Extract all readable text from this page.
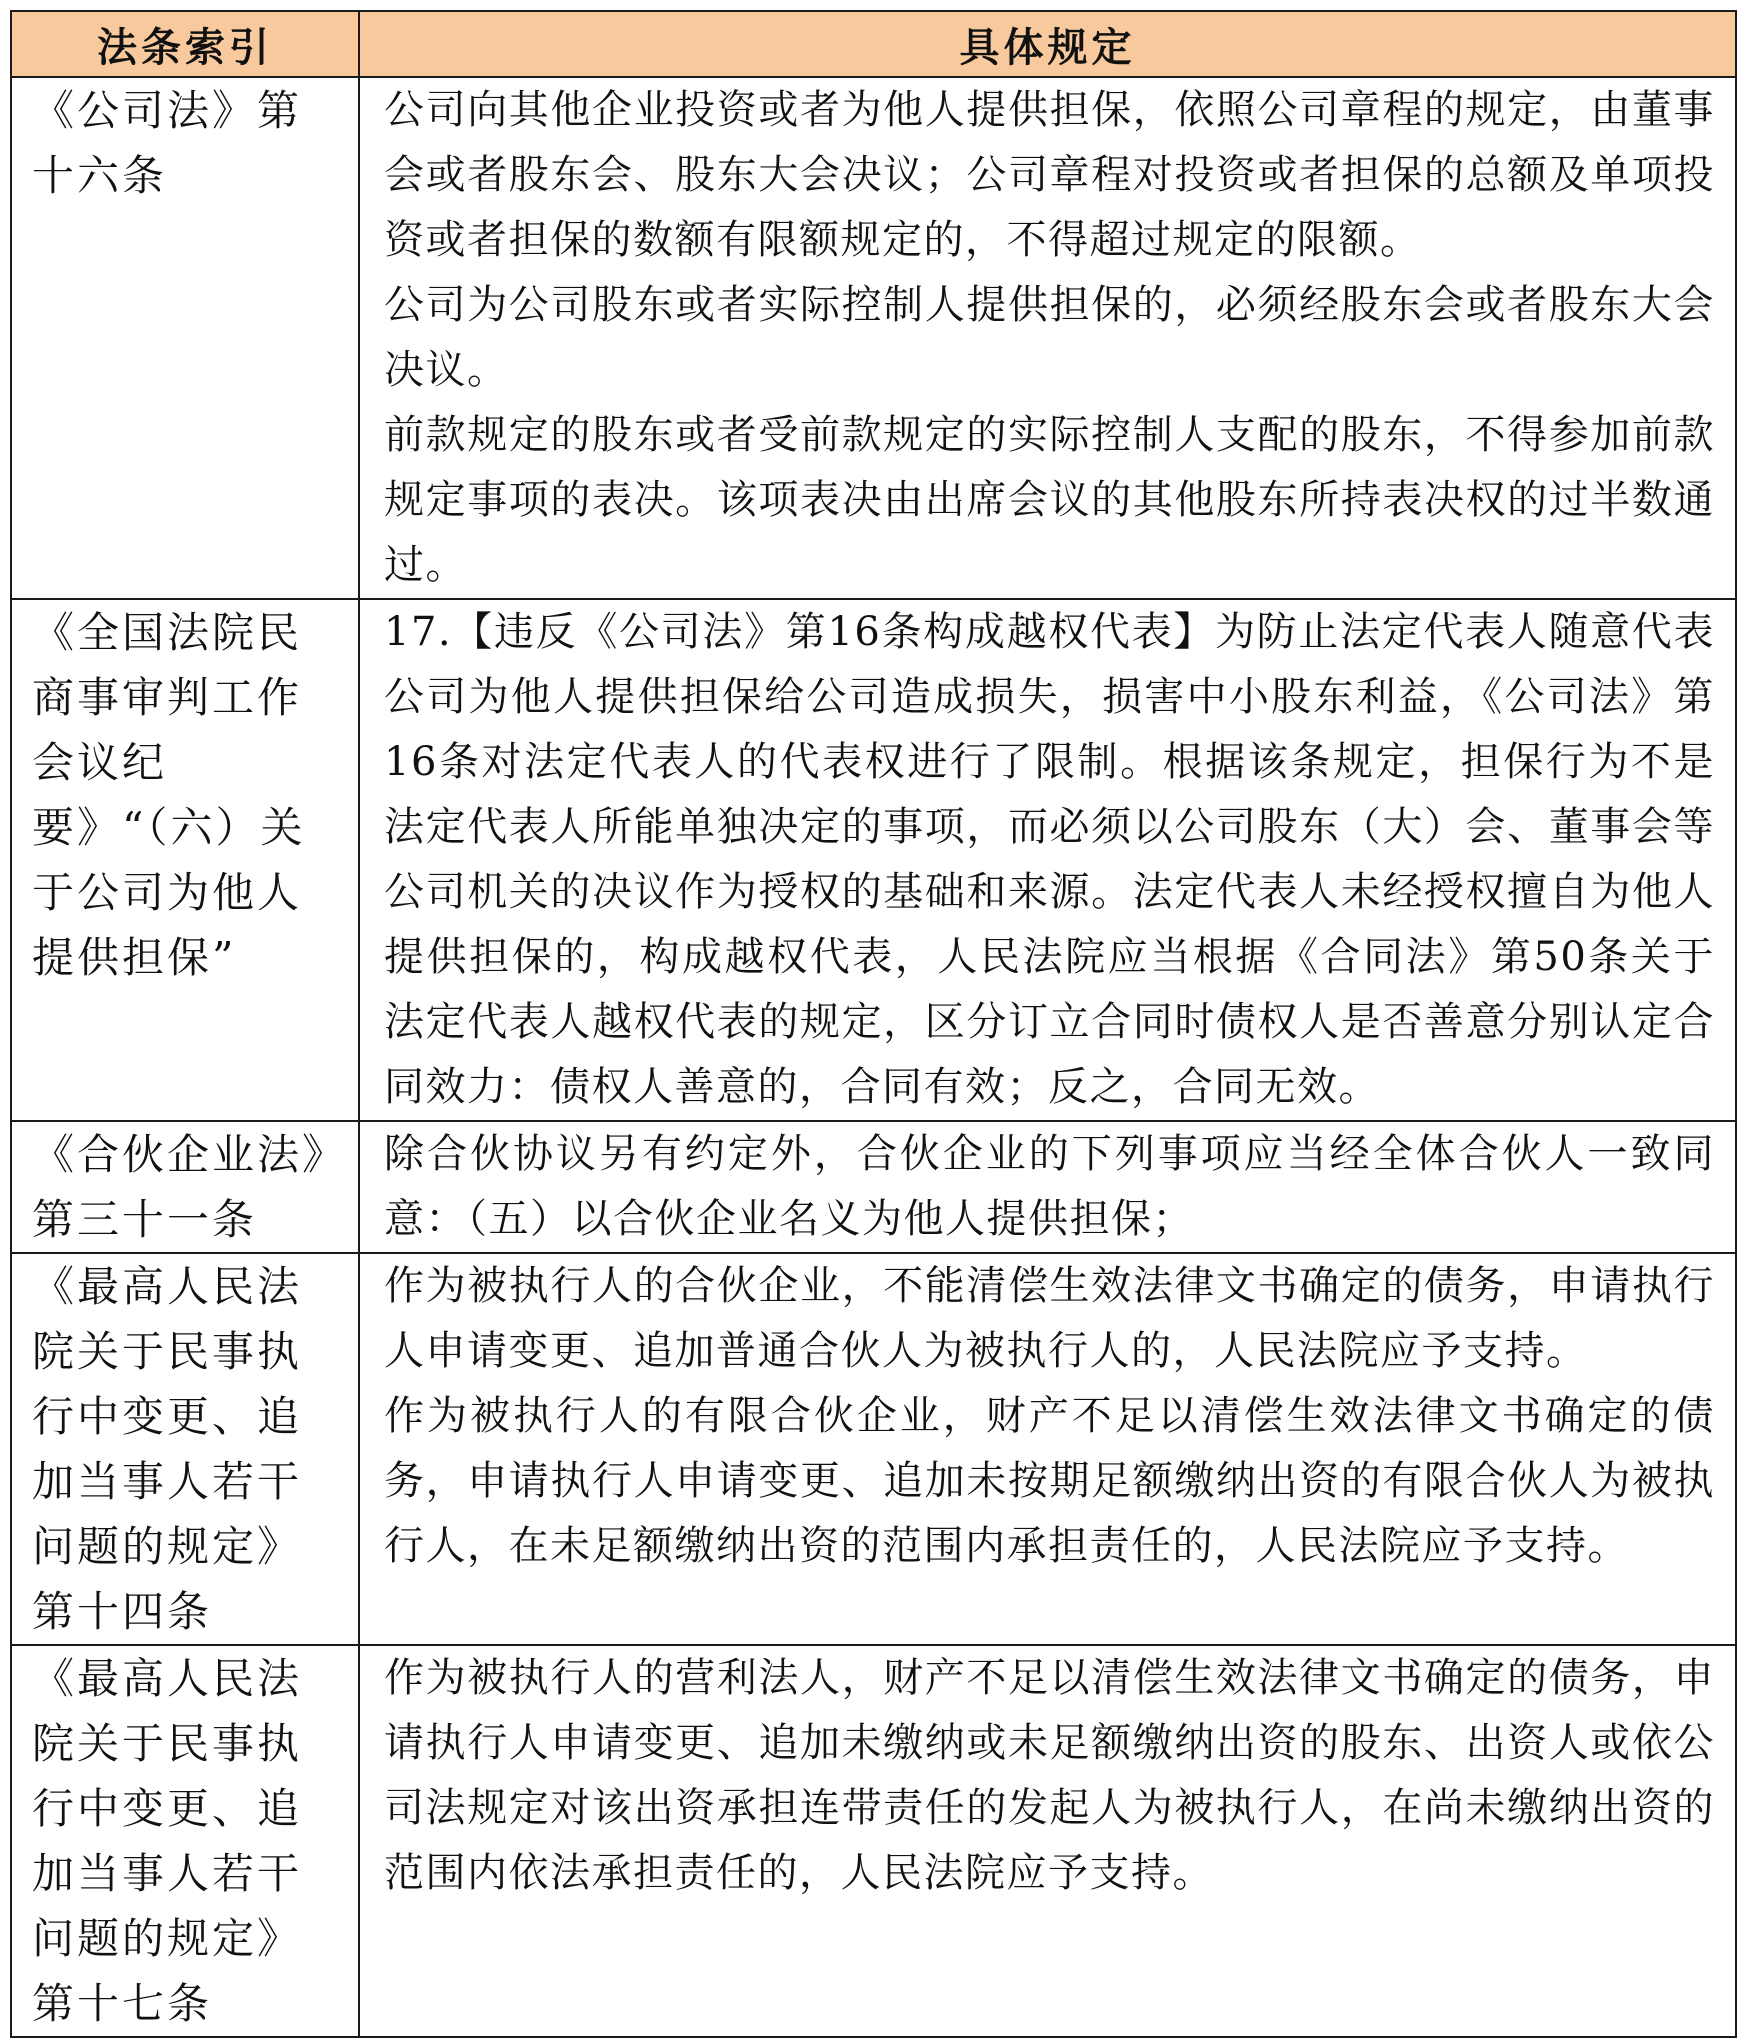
法条索引	具体规定
《公司法》第十六条	公司向其他企业投资或者为他人提供担保，依照公司章程的规定，由董事会或者股东会、股东大会决议；公司章程对投资或者担保的总额及单项投资或者担保的数额有限额规定的，不得超过规定的限额。
公司为公司股东或者实际控制人提供担保的，必须经股东会或者股东大会决议。
前款规定的股东或者受前款规定的实际控制人支配的股东，不得参加前款规定事项的表决。该项表决由出席会议的其他股东所持表决权的过半数通过。

《全国法院民商事审判工作会议纪要》“（六）关于公司为他人提供担保”	17.【违反《公司法》第16条构成越权代表】为防止法定代表人随意代表公司为他人提供担保给公司造成损失，损害中小股东利益，《公司法》第16条对法定代表人的代表权进行了限制。根据该条规定，担保行为不是法定代表人所能单独决定的事项，而必须以公司股东（大）会、董事会等公司机关的决议作为授权的基础和来源。法定代表人未经授权擅自为他人提供担保的，构成越权代表，人民法院应当根据《合同法》第50条关于法定代表人越权代表的规定，区分订立合同时债权人是否善意分别认定合同效力：债权人善意的，合同有效；反之，合同无效。

《合伙企业法》第三十一条	除合伙协议另有约定外，合伙企业的下列事项应当经全体合伙人一致同意：（五）以合伙企业名义为他人提供担保；

《最高人民法院关于民事执行中变更、追加当事人若干问题的规定》第十四条	作为被执行人的合伙企业，不能清偿生效法律文书确定的债务，申请执行人申请变更、追加普通合伙人为被执行人的，人民法院应予支持。
作为被执行人的有限合伙企业，财产不足以清偿生效法律文书确定的债务，申请执行人申请变更、追加未按期足额缴纳出资的有限合伙人为被执行人，在未足额缴纳出资的范围内承担责任的，人民法院应予支持。

《最高人民法院关于民事执行中变更、追加当事人若干问题的规定》第十七条	作为被执行人的营利法人，财产不足以清偿生效法律文书确定的债务，申请执行人申请变更、追加未缴纳或未足额缴纳出资的股东、出资人或依公司法规定对该出资承担连带责任的发起人为被执行人，在尚未缴纳出资的范围内依法承担责任的，人民法院应予支持。
